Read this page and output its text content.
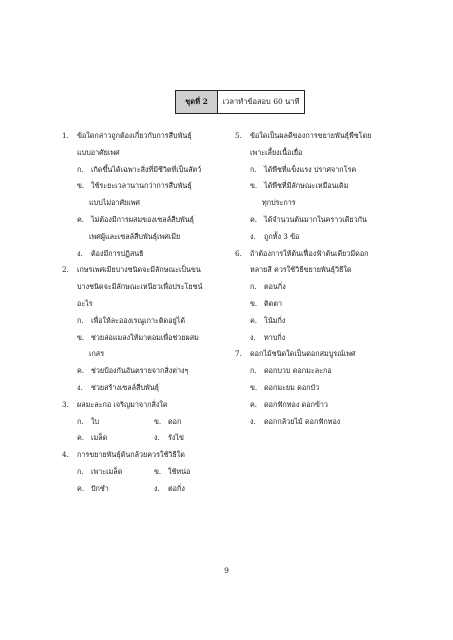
ชุดที่ 2	เวลาทำข้อสอบ 60 นาที
1. ข้อใดกล่าวถูกต้องเกี่ยวกับการสืบพันธุ์
แบบอาศัยเพศ
ก. เกิดขึ้นได้เฉพาะสิ่งที่มีชีวิตที่เป็นสัตว์
ข. ใช้ระยะเวลานานกว่าการสืบพันธุ์
แบบไม่อาศัยเพศ
ค. ไม่ต้องมีการผสมของเซลล์สืบพันธุ์
เพศผู้และเซลล์สืบพันธุ์เพศเมีย
ง. ต้องมีการปฏิสนธิ
2. เกษรเพศเมียบางชนิดจะมีลักษณะเป็นขน
บางชนิดจะมีลักษณะเหนียวเพื่อประโยชน์
อะไร
ก. เพื่อให้ละอองเรณูเกาะติดอยู่ได้
ข. ช่วยล่อแมลงให้มาตอมเพื่อช่วยผสม
เกสร
ค. ช่วยป้องกันอันตรายจากสิ่งต่างๆ
ง. ช่วยสร้างเซลล์สืบพันธุ์
3. ผลมะละกอ เจริญมาจากสิ่งใด
ก. ใบ	ข. ดอก
ค. เมล็ด	ง. รังไข่
4. การขยายพันธุ์ต้นกล้วยควรใช้วิธีใด
ก. เพาะเมล็ด	ข. ใช้หน่อ
ค. ปักชำ	ง. ต่อกิ่ง
5. ข้อใดเป็นผลดีของการขยายพันธุ์พืชโดย
เพาะเลี้ยงเนื้อเยื่อ
ก. ได้พืชที่แข็งแรง ปราศจากโรค
ข. ได้พืชที่มีลักษณะเหมือนเดิม
ทุกประการ
ค. ได้จำนวนต้นมากในคราวเดียวกัน
ง. ถูกทั้ง 3 ข้อ
6. ถ้าต้องการให้ต้นเฟื่องฟ้าต้นเดียวมีดอก
หลายสี ควรใช้วิธีขยายพันธุ์วิธีใด
ก. ตอนกิ่ง
ข. ติดตา
ค. โน้มกิ่ง
ง. ทาบกิ่ง
7. ดอกไม้ชนิดใดเป็นดอกสมบูรณ์เพศ
ก. ดอกบวบ ดอกมะละกอ
ข. ดอกมะยม ดอกบัว
ค. ดอกฟักทอง ดอกข้าว
ง. ดอกกล้วยไม้ ดอกฟักทอง
9
